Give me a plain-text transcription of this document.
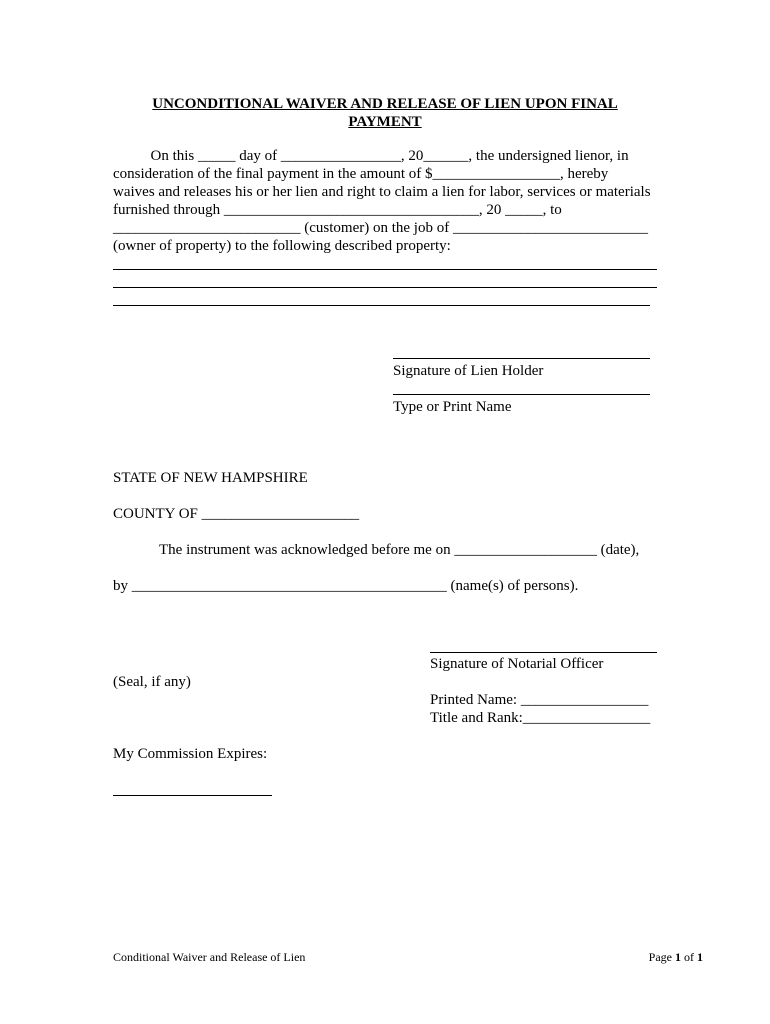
UNCONDITIONAL WAIVER AND RELEASE OF LIEN UPON FINAL
PAYMENT
On this _____ day of ________________, 20______, the undersigned lienor, in
consideration of the final payment in the amount of $_________________, hereby
waives and releases his or her lien and right to claim a lien for labor, services or materials
furnished through __________________________________, 20 _____, to
_________________________ (customer) on the job of __________________________
(owner of property) to the following described property:
Signature of Lien Holder
Type or Print Name
STATE OF NEW HAMPSHIRE
COUNTY OF _____________________
The instrument was acknowledged before me on ___________________ (date),
by __________________________________________ (name(s) of persons).
Signature of Notarial Officer
(Seal, if any)
Printed Name: _________________
Title and Rank:_________________
My Commission Expires:
Conditional Waiver and Release of Lien	Page 1 of 1
